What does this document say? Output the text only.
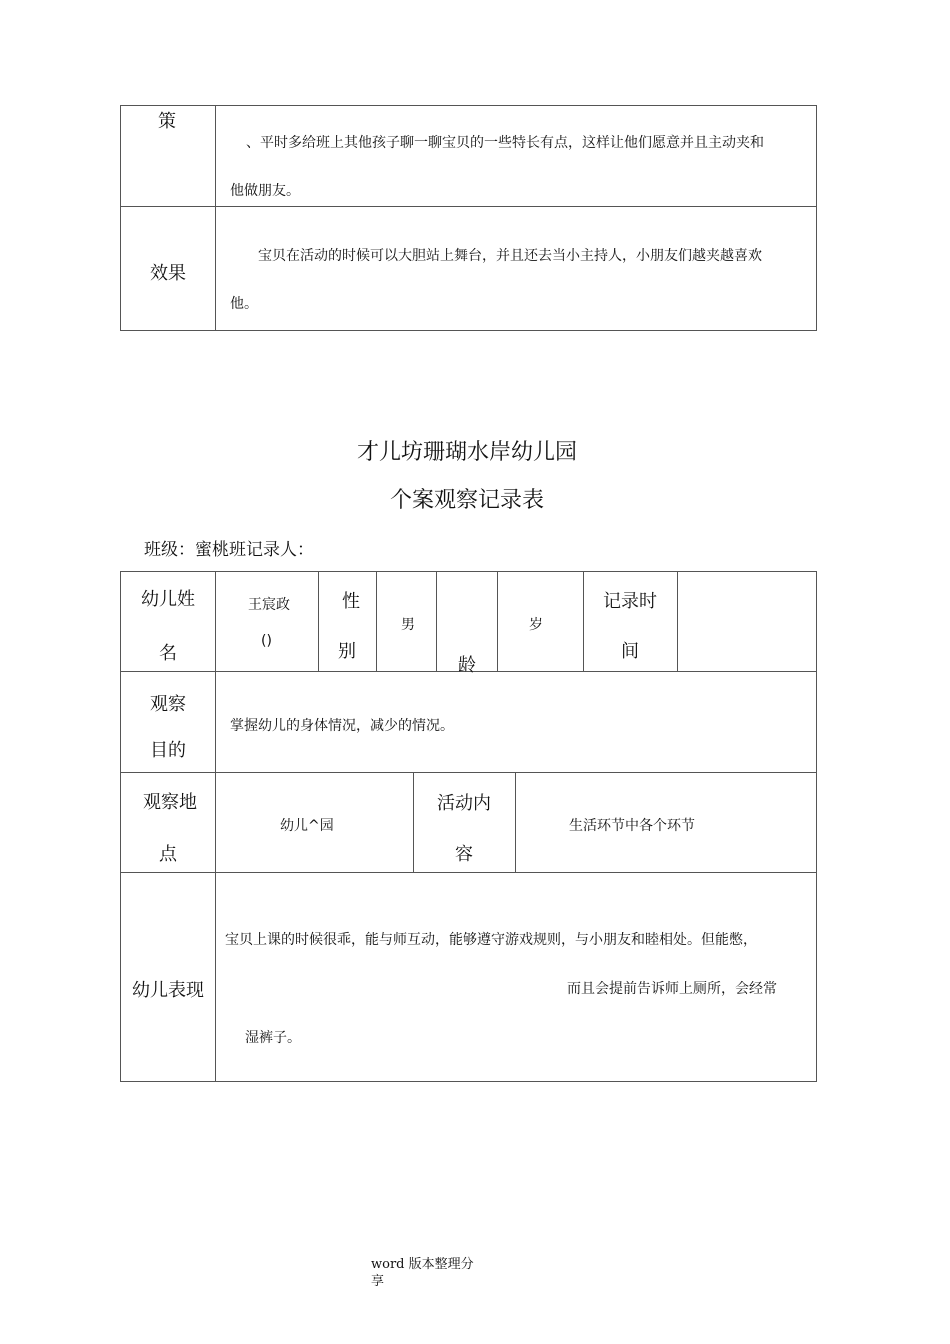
策
、平时多给班上其他孩子聊一聊宝贝的一些特长有点，这样让他们愿意并且主动夹和
他做朋友。
效果
宝贝在活动的时候可以大胆站上舞台，并且还去当小主持人，小朋友们越夹越喜欢
他。
才儿坊珊瑚水岸幼儿园
个案观察记录表
班级：蜜桃班记录人：
幼儿姓
名
王宸政
()
性
别
男
龄
岁
记录时
间
观察
目的
掌握幼儿的身体情况，减少的情况。
观察地
点
幼儿^园
活动内
容
生活环节中各个环节
幼儿表现
宝贝上课的时候很乖，能与师互动，能够遵守游戏规则，与小朋友和睦相处。但能憋，
而且会提前告诉师上厕所，会经常
湿裤子。
word 版本整理分
享
